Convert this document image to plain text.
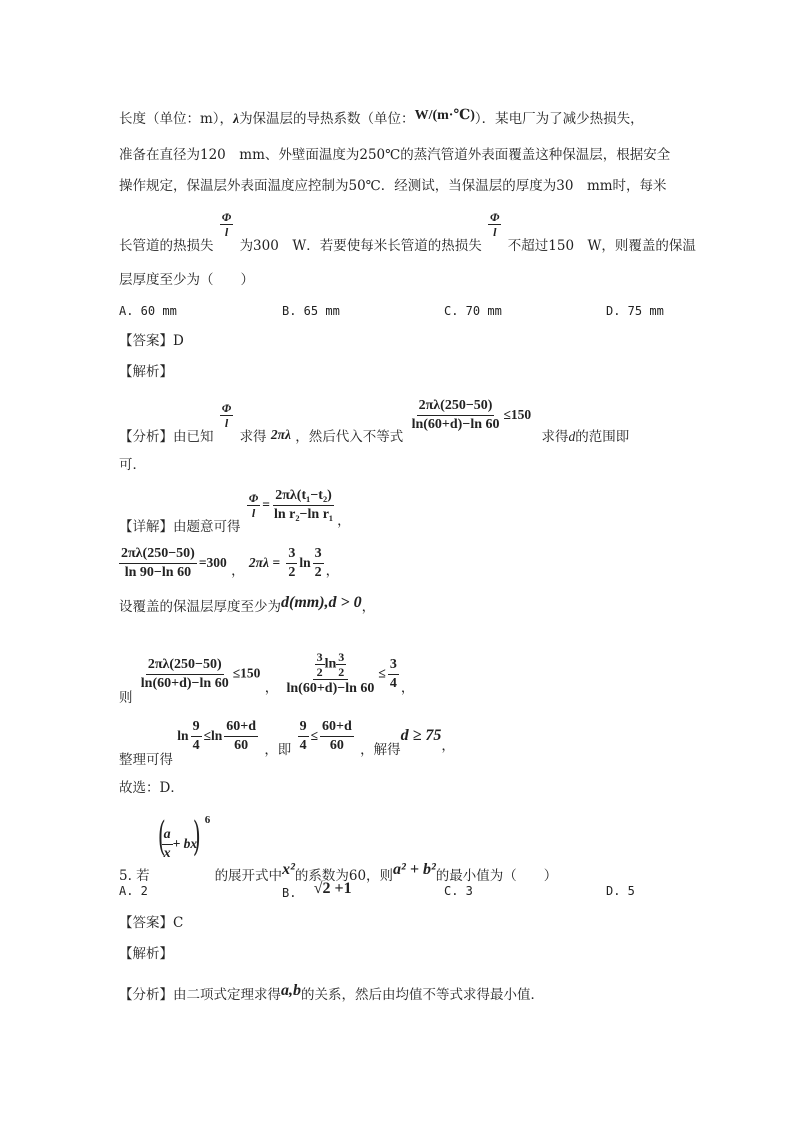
长度（单位：m），λ为保温层的导热系数（单位：W/(m·℃)）．某电厂为了减少热损失，
准备在直径为120　mm、外壁面温度为250℃的蒸汽管道外表面覆盖这种保温层，根据安全
操作规定，保温层外表面温度应控制为50℃．经测试，当保温层的厚度为30　mm时，每米
长管道的热损失
$\frac{\Phi}{l}$
为300　W．若要使每米长管道的热损失
$\frac{\Phi}{l}$
不超过150　W，则覆盖的保温
层厚度至少为（　　）
A. 60 mm	B. 65 mm	C. 70 mm	D. 75 mm
【答案】D
【解析】
【分析】由已知
$\frac{\Phi}{l}$
求得 2πλ ，然后代入不等式
$\frac{2\pi\lambda(250-50)}{\ln(60+d)-\ln 60} \le 150$ 求得d的范围即
可．
【详解】由题意可得
$\frac{\Phi}{l} = \frac{\text{2πλ(t₁−t₂)}}{\text{ln r₂−ln r₁}}$ ，
$\frac{2\pi\lambda(250-50)}{\ln 90-\ln 60} =300$ ， $2\pi\lambda = \frac{3}{2}$ $\ln \frac{3}{2}$ ，
设覆盖的保温层厚度至少为d(mm),d > 0，
则
$\frac{2\pi\lambda(250-50)}{\ln(60+d)-\ln 60} \le 150$ ， $\frac{\frac{3}{2} \ln \frac{3}{2}}{\ln(60+d)-\ln 60} \le \frac{3}{4}$ ，
整理可得 $\ln \frac{9}{4} \le\ln \frac{60+d}{60}$ ，即 $\frac{9}{4} \le \frac{60+d}{60}$ ，解得d ≥ 75，
故选：D．
5. 若 (
$\frac{a}{x} + bx$) $^6$ 的展开式中x²的系数为60，则a² + b²的最小值为（　　）
A. 2	B. √2 +1	C. 3	D. 5
【答案】C
【解析】
【分析】由二项式定理求得a,b的关系，然后由均值不等式求得最小值．
